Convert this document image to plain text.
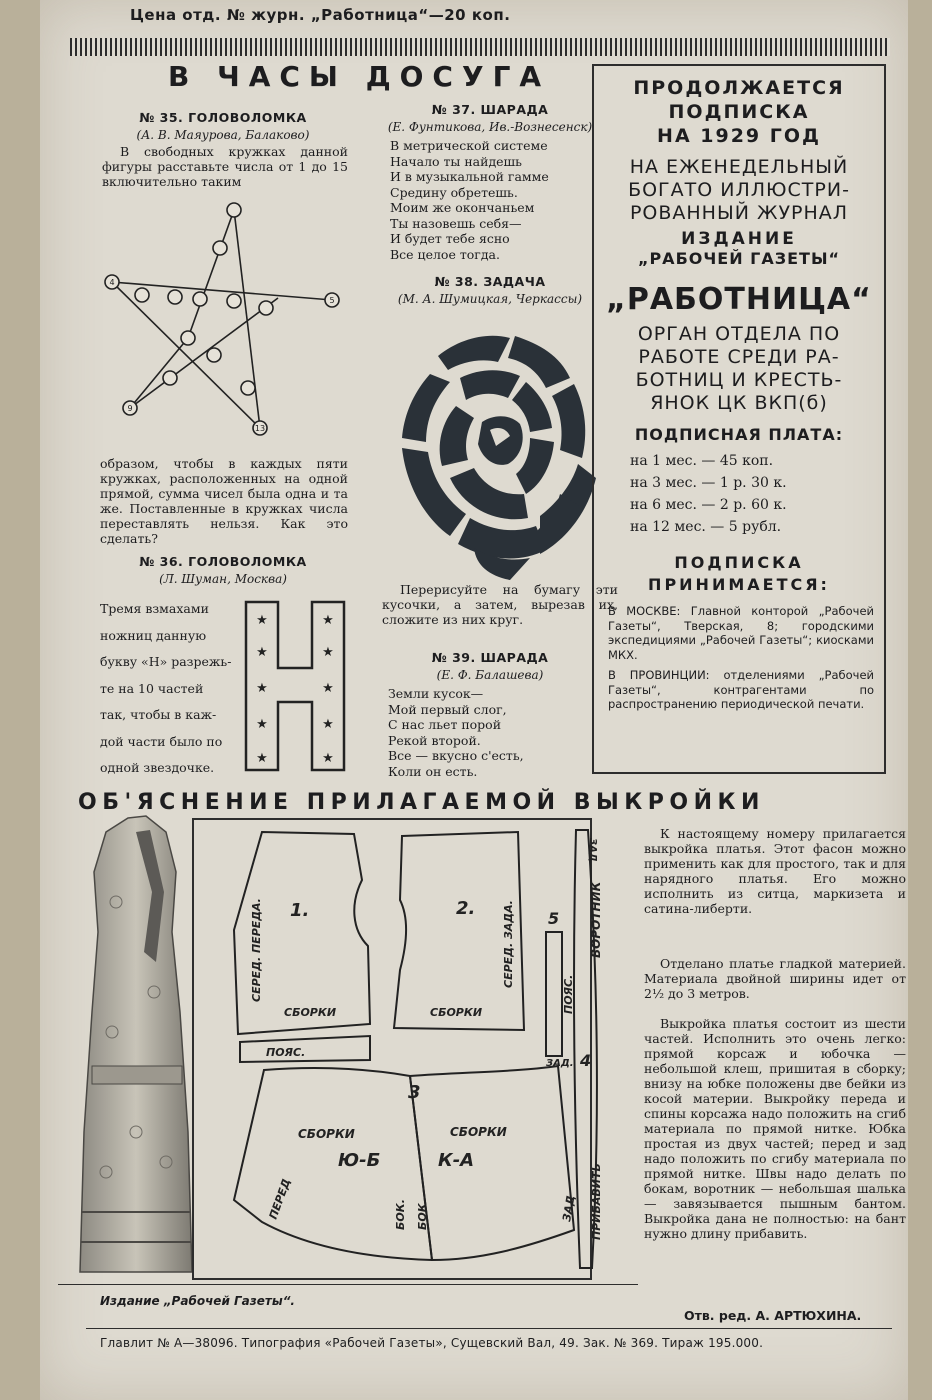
Цена отд. № журн. „Работница“—20 коп.
В ЧАСЫ ДОСУГА
№ 35. ГОЛОВОЛОМКА
(А. В. Маяурова, Балаково)
В свободных кружках данной фигуры расставьте числа от 1 до 15 включительно таким
4
5
9
13
образом, чтобы в каждых пяти кружках, расположенных на одной прямой, сумма чисел была одна и та же. Поставленные в кружках числа переставлять нельзя. Как это сделать?
№ 36. ГОЛОВОЛОМКА
(Л. Шуман, Москва)
Тремя взмахами
ножниц данную
букву «Н» разрежь-
те на 10 частей
так, чтобы в каж-
дой части было по
одной звездочке.
★	★
★	★
★	★
★	★
★	★
№ 37. ШАРАДА
(Е. Фунтикова, Ив.-Вознесенск)
В метрической системе
Начало ты найдешь
И в музыкальной гамме
Средину обретешь.
Моим же окончаньем
Ты назовешь себя—
И будет тебе ясно
Все целое тогда.
№ 38. ЗАДАЧА
(М. А. Шумицкая, Черкассы)
Перерисуйте на бумагу эти кусочки, а затем, вырезав их, сложите из них круг.
№ 39. ШАРАДА
(Е. Ф. Балашева)
Земли кусок—
Мой первый слог,
С нас льет порой
Рекой второй.
Все — вкусно с'есть,
Коли он есть.
ПРОДОЛЖАЕТСЯ
ПОДПИСКА
НА 1929 ГОД
НА ЕЖЕНЕДЕЛЬНЫЙ
БОГАТО ИЛЛЮСТРИ-
РОВАННЫЙ ЖУРНАЛ
ИЗДАНИЕ
„РАБОЧЕЙ ГАЗЕТЫ“
„РАБОТНИЦА“
ОРГАН ОТДЕЛА ПО
РАБОТЕ СРЕДИ РА-
БОТНИЦ И КРЕСТЬ-
ЯНОК ЦК ВКП(б)
ПОДПИСНАЯ ПЛАТА:
на 1 мес. — 45 коп.
на 3 мес. — 1 р. 30 к.
на 6 мес. — 2 р. 60 к.
на 12 мес. — 5 рубл.
ПОДПИСКА
ПРИНИМАЕТСЯ:
В МОСКВЕ: Главной конторой „Рабочей Газеты“, Тверская, 8; городскими экспедициями „Рабочей Газеты“; киосками МКХ.
В ПРОВИНЦИИ: отделениями „Рабочей Газеты“, контрагентами по распространению периодической печати.
ОБ'ЯСНЕНИЕ ПРИЛАГАЕМОЙ ВЫКРОЙКИ
1.	2.
3
4
5
СБОРКИ	СБОРКИ
ПОЯС.
СБОРКИ	СБОРКИ
Ю-Б	К-А
ЗАД.
СЕРЕД. ПЕРЕДА.	СЕРЕД. ЗАДА.
ПОЯС.
ВОРОТНИК
ЗАД
ПРИБАВИТЬ
ПЕРЕД	БОК. БОК.	ЗАД
К настоящему номеру прилагается выкройка платья. Этот фасон можно применить как для простого, так и для нарядного платья. Его можно исполнить из ситца, маркизета и сатина-либерти.
Отделано платье гладкой материей. Материала двойной ширины идет от 2½ до 3 метров.
Выкройка платья состоит из шести частей. Исполнить это очень легко: прямой корсаж и юбочка — небольшой клеш, пришитая в сборку; внизу на юбке положены две бейки из косой материи. Выкройку переда и спины корсажа надо положить на сгиб материала по прямой нитке. Юбка простая из двух частей; перед и зад надо положить по сгибу материала по прямой нитке. Швы надо делать по бокам, воротник — небольшая шалька — завязывается пышным бантом. Выкройка дана не полностью: на бант нужно длину прибавить.
Издание „Рабочей Газеты“.
Отв. ред. А. АРТЮХИНА.
Главлит № А—38096. Типография «Рабочей Газеты», Сущевский Вал, 49. Зак. № 369. Тираж 195.000.
